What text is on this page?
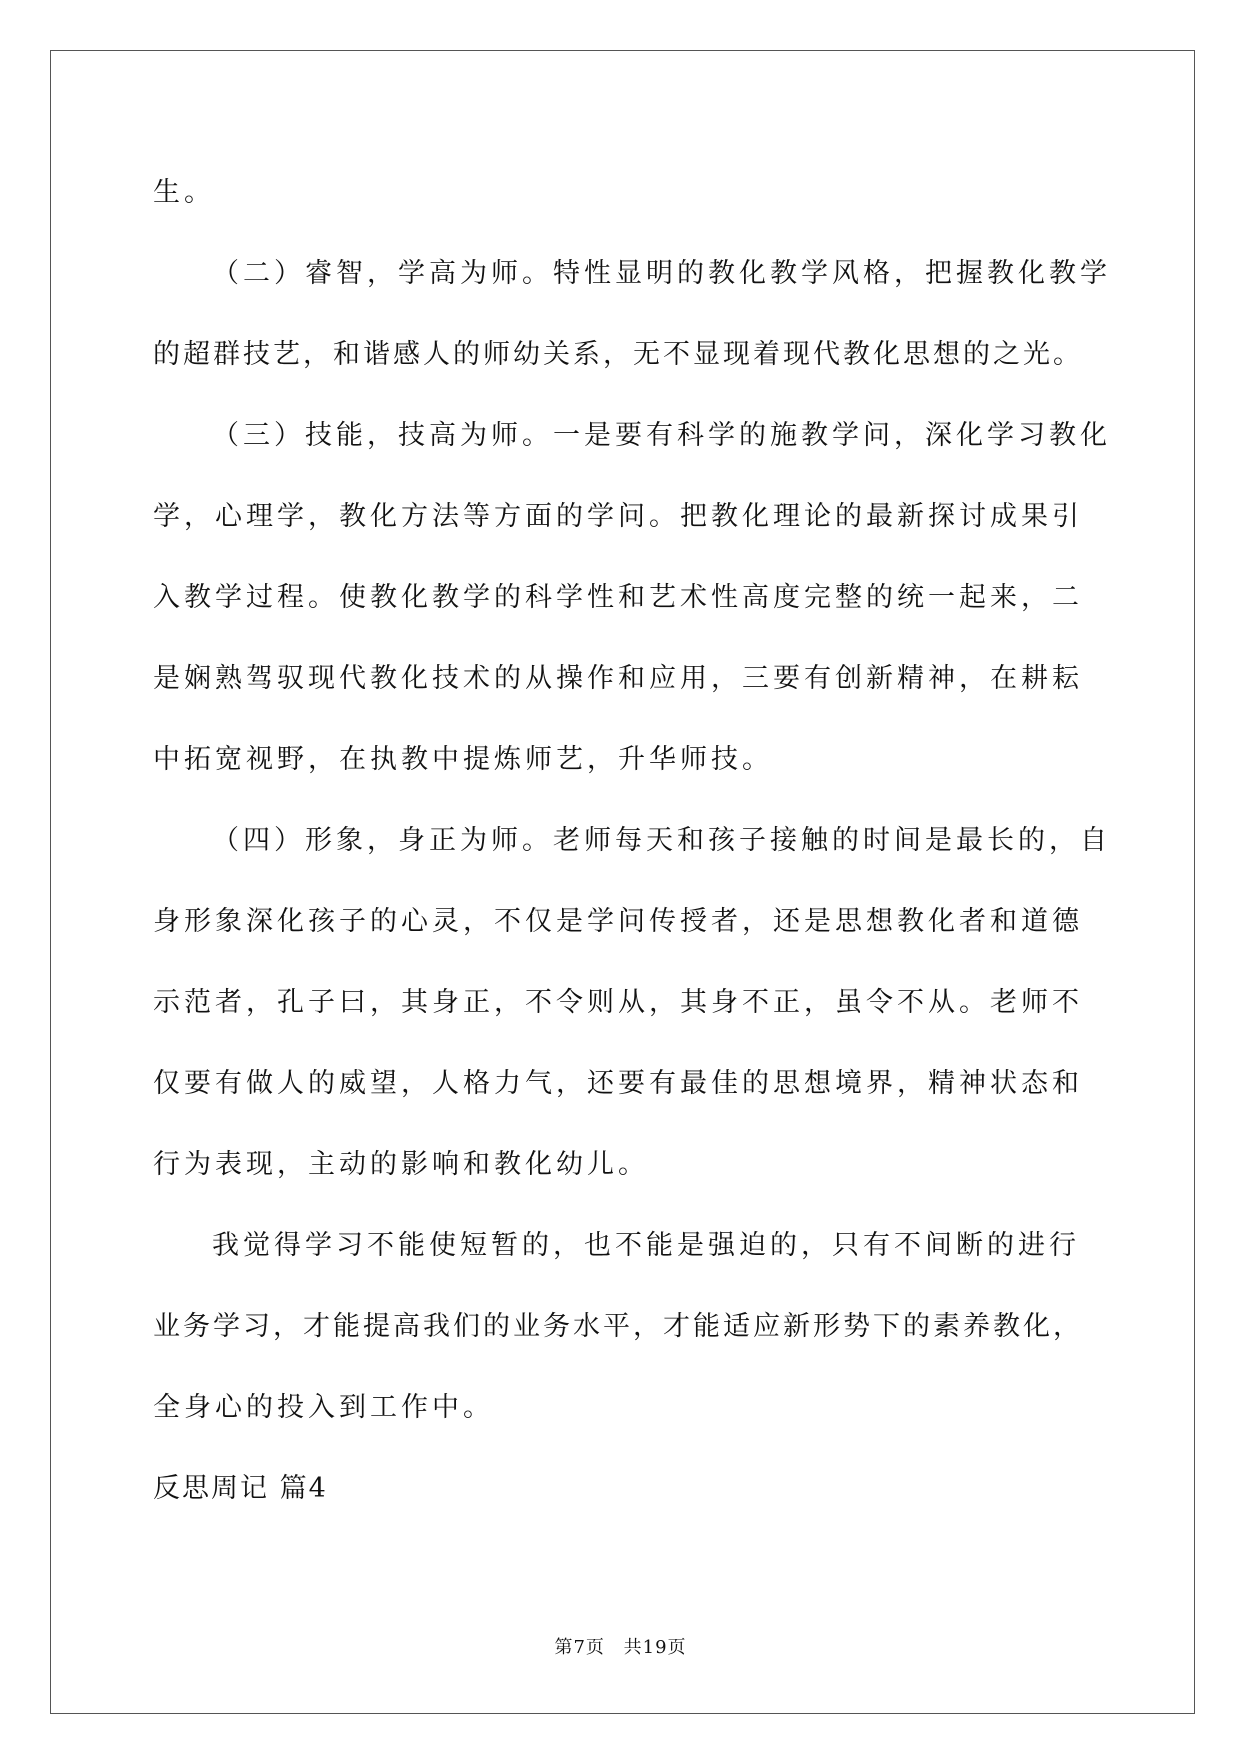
生。
（二）睿智，学高为师。特性显明的教化教学风格，把握教化教学
的超群技艺，和谐感人的师幼关系，无不显现着现代教化思想的之光。
（三）技能，技高为师。一是要有科学的施教学问，深化学习教化
学，心理学，教化方法等方面的学问。把教化理论的最新探讨成果引
入教学过程。使教化教学的科学性和艺术性高度完整的统一起来，二
是娴熟驾驭现代教化技术的从操作和应用，三要有创新精神，在耕耘
中拓宽视野，在执教中提炼师艺，升华师技。
（四）形象，身正为师。老师每天和孩子接触的时间是最长的，自
身形象深化孩子的心灵，不仅是学问传授者，还是思想教化者和道德
示范者，孔子曰，其身正，不令则从，其身不正，虽令不从。老师不
仅要有做人的威望，人格力气，还要有最佳的思想境界，精神状态和
行为表现，主动的影响和教化幼儿。
我觉得学习不能使短暂的，也不能是强迫的，只有不间断的进行
业务学习，才能提高我们的业务水平，才能适应新形势下的素养教化，
全身心的投入到工作中。
反思周记 篇4
第7页 共19页
